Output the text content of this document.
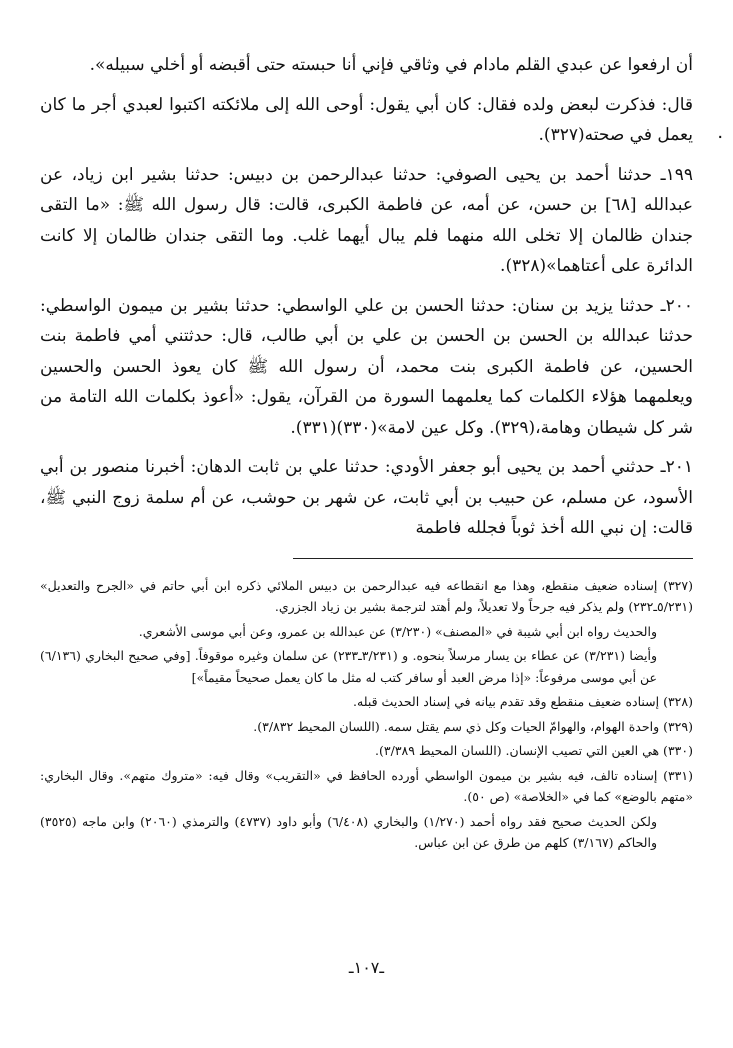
أن ارفعوا عن عبدي القلم مادام في وثاقي فإني أنا حبسته حتى أقبضه أو أخلي سبيله».

قال: فذكرت لبعض ولده فقال: كان أبي يقول: أوحى الله إلى ملائكته اكتبوا لعبدي أجر ما كان يعمل في صحته(٣٢٧).

١٩٩ـ حدثنا أحمد بن يحيى الصوفي: حدثنا عبدالرحمن بن دبيس: حدثنا بشير ابن زياد، عن عبدالله [٦٨] بن حسن، عن أمه، عن فاطمة الكبرى، قالت: قال رسول الله ﷺ: «ما التقى جندان ظالمان إلا تخلى الله منهما فلم يبال أيهما غلب. وما التقى جندان ظالمان إلا كانت الدائرة على أعتاهما»(٣٢٨).

٢٠٠ـ حدثنا يزيد بن سنان: حدثنا الحسن بن علي الواسطي: حدثنا بشير بن ميمون الواسطي: حدثنا عبدالله بن الحسن بن الحسن بن علي بن أبي طالب، قال: حدثتني أمي فاطمة بنت الحسين، عن فاطمة الكبرى بنت محمد، أن رسول الله ﷺ كان يعوذ الحسن والحسين ويعلمهما هؤلاء الكلمات كما يعلمهما السورة من القرآن، يقول: «أعوذ بكلمات الله التامة من شر كل شيطان وهامة،(٣٢٩). وكل عين لامة»(٣٣٠)(٣٣١).

٢٠١ـ حدثني أحمد بن يحيى أبو جعفر الأودي: حدثنا علي بن ثابت الدهان: أخبرنا منصور بن أبي الأسود، عن مسلم، عن حبيب بن أبي ثابت، عن شهر بن حوشب، عن أم سلمة زوج النبي ﷺ، قالت: إن نبي الله أخذ ثوباً فجلله فاطمة

(٣٢٧) إسناده ضعيف منقطع، وهذا مع انقطاعه فيه عبدالرحمن بن دبيس الملائي ذكره ابن أبي حاتم في «الجرح والتعديل» (٥/٢٣١ـ٢٣٢) ولم يذكر فيه جرحاً ولا تعديلاً، ولم أهتد لترجمة بشير بن زياد الجزري.

والحديث رواه ابن أبي شيبة في «المصنف» (٣/٢٣٠) عن عبدالله بن عمرو، وعن أبي موسى الأشعري.

وأيضا (٣/٢٣١) عن عطاء بن يسار مرسلاً بنحوه. و (٣/٢٣١ـ٢٣٣) عن سلمان وغيره موقوفاً. [وفي صحيح البخاري (٦/١٣٦) عن أبي موسى مرفوعاً: «إذا مرض العبد أو سافر كتب له مثل ما كان يعمل صحيحاً مقيماً»]

(٣٢٨) إسناده ضعيف منقطع وقد تقدم بيانه في إسناد الحديث قبله.

(٣٢٩) واحدة الهوام، والهوامّ الحيات وكل ذي سم يقتل سمه. (اللسان المحيط ٣/٨٣٢).

(٣٣٠) هي العين التي تصيب الإنسان. (اللسان المحيط ٣/٣٨٩).

(٣٣١) إسناده تالف، فيه بشير بن ميمون الواسطي أورده الحافظ في «التقريب» وقال فيه: «متروك متهم». وقال البخاري: «متهم بالوضع» كما في «الخلاصة» (ص ٥٠).

ولكن الحديث صحيح فقد رواه أحمد (١/٢٧٠) والبخاري (٦/٤٠٨) وأبو داود (٤٧٣٧) والترمذي (٢٠٦٠) وابن ماجه (٣٥٢٥) والحاكم (٣/١٦٧) كلهم من طرق عن ابن عباس.

ـ١٠٧ـ
٠
